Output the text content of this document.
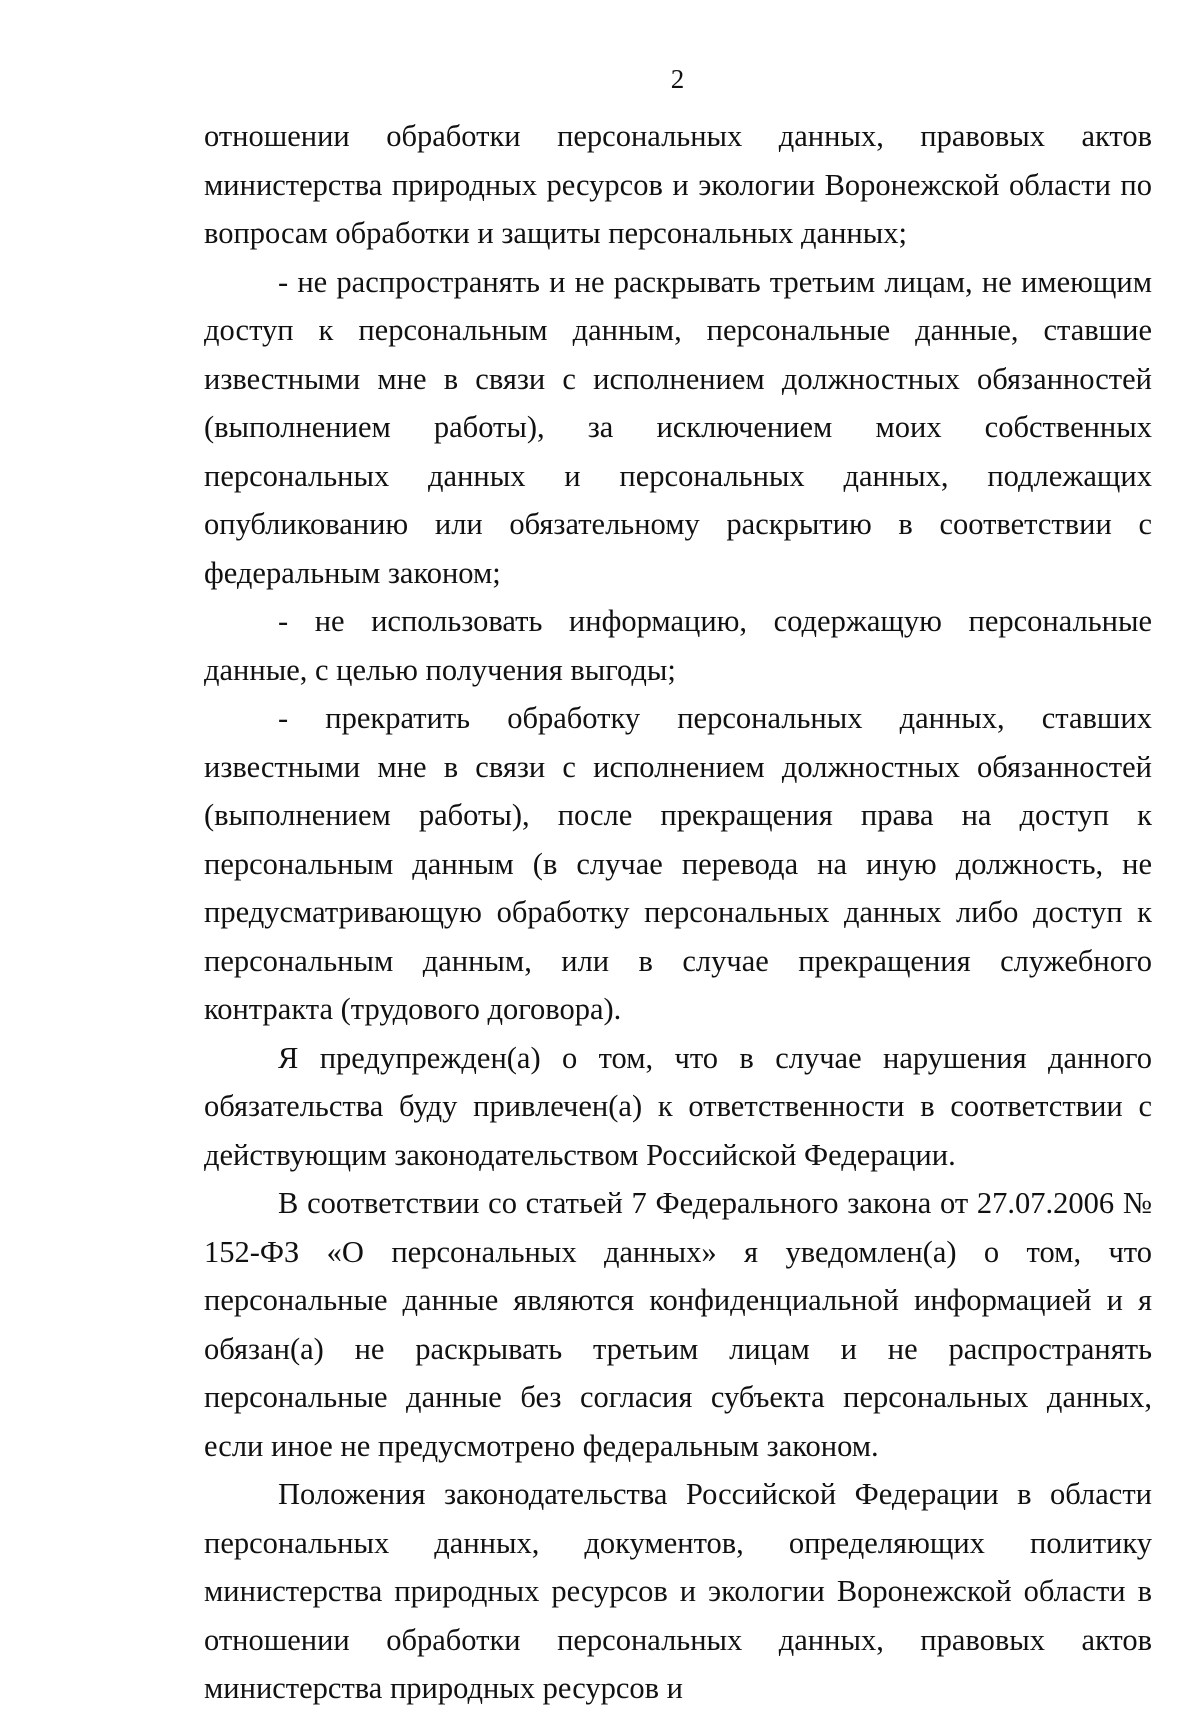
2

отношении обработки персональных данных, правовых актов министерства природных ресурсов и экологии Воронежской области по вопросам обработки и защиты персональных данных;

- не распространять и не раскрывать третьим лицам, не имеющим доступ к персональным данным, персональные данные, ставшие известными мне в связи с исполнением должностных обязанностей (выполнением работы), за исключением моих собственных персональных данных и персональных данных, подлежащих опубликованию или обязательному раскрытию в соответствии с федеральным законом;

- не использовать информацию, содержащую персональные данные, с целью получения выгоды;

- прекратить обработку персональных данных, ставших известными мне в связи с исполнением должностных обязанностей (выполнением работы), после прекращения права на доступ к персональным данным (в случае перевода на иную должность, не предусматривающую обработку персональных данных либо доступ к персональным данным, или в случае прекращения служебного контракта (трудового договора).

Я предупрежден(а) о том, что в случае нарушения данного обязательства буду привлечен(а) к ответственности в соответствии с действующим законодательством Российской Федерации.

В соответствии со статьей 7 Федерального закона от 27.07.2006 № 152-ФЗ «О персональных данных» я уведомлен(а) о том, что персональные данные являются конфиденциальной информацией и я обязан(а) не раскрывать третьим лицам и не распространять персональные данные без согласия субъекта персональных данных, если иное не предусмотрено федеральным законом.

Положения законодательства Российской Федерации в области персональных данных, документов, определяющих политику министерства природных ресурсов и экологии Воронежской области в отношении обработки персональных данных, правовых актов министерства природных ресурсов и
